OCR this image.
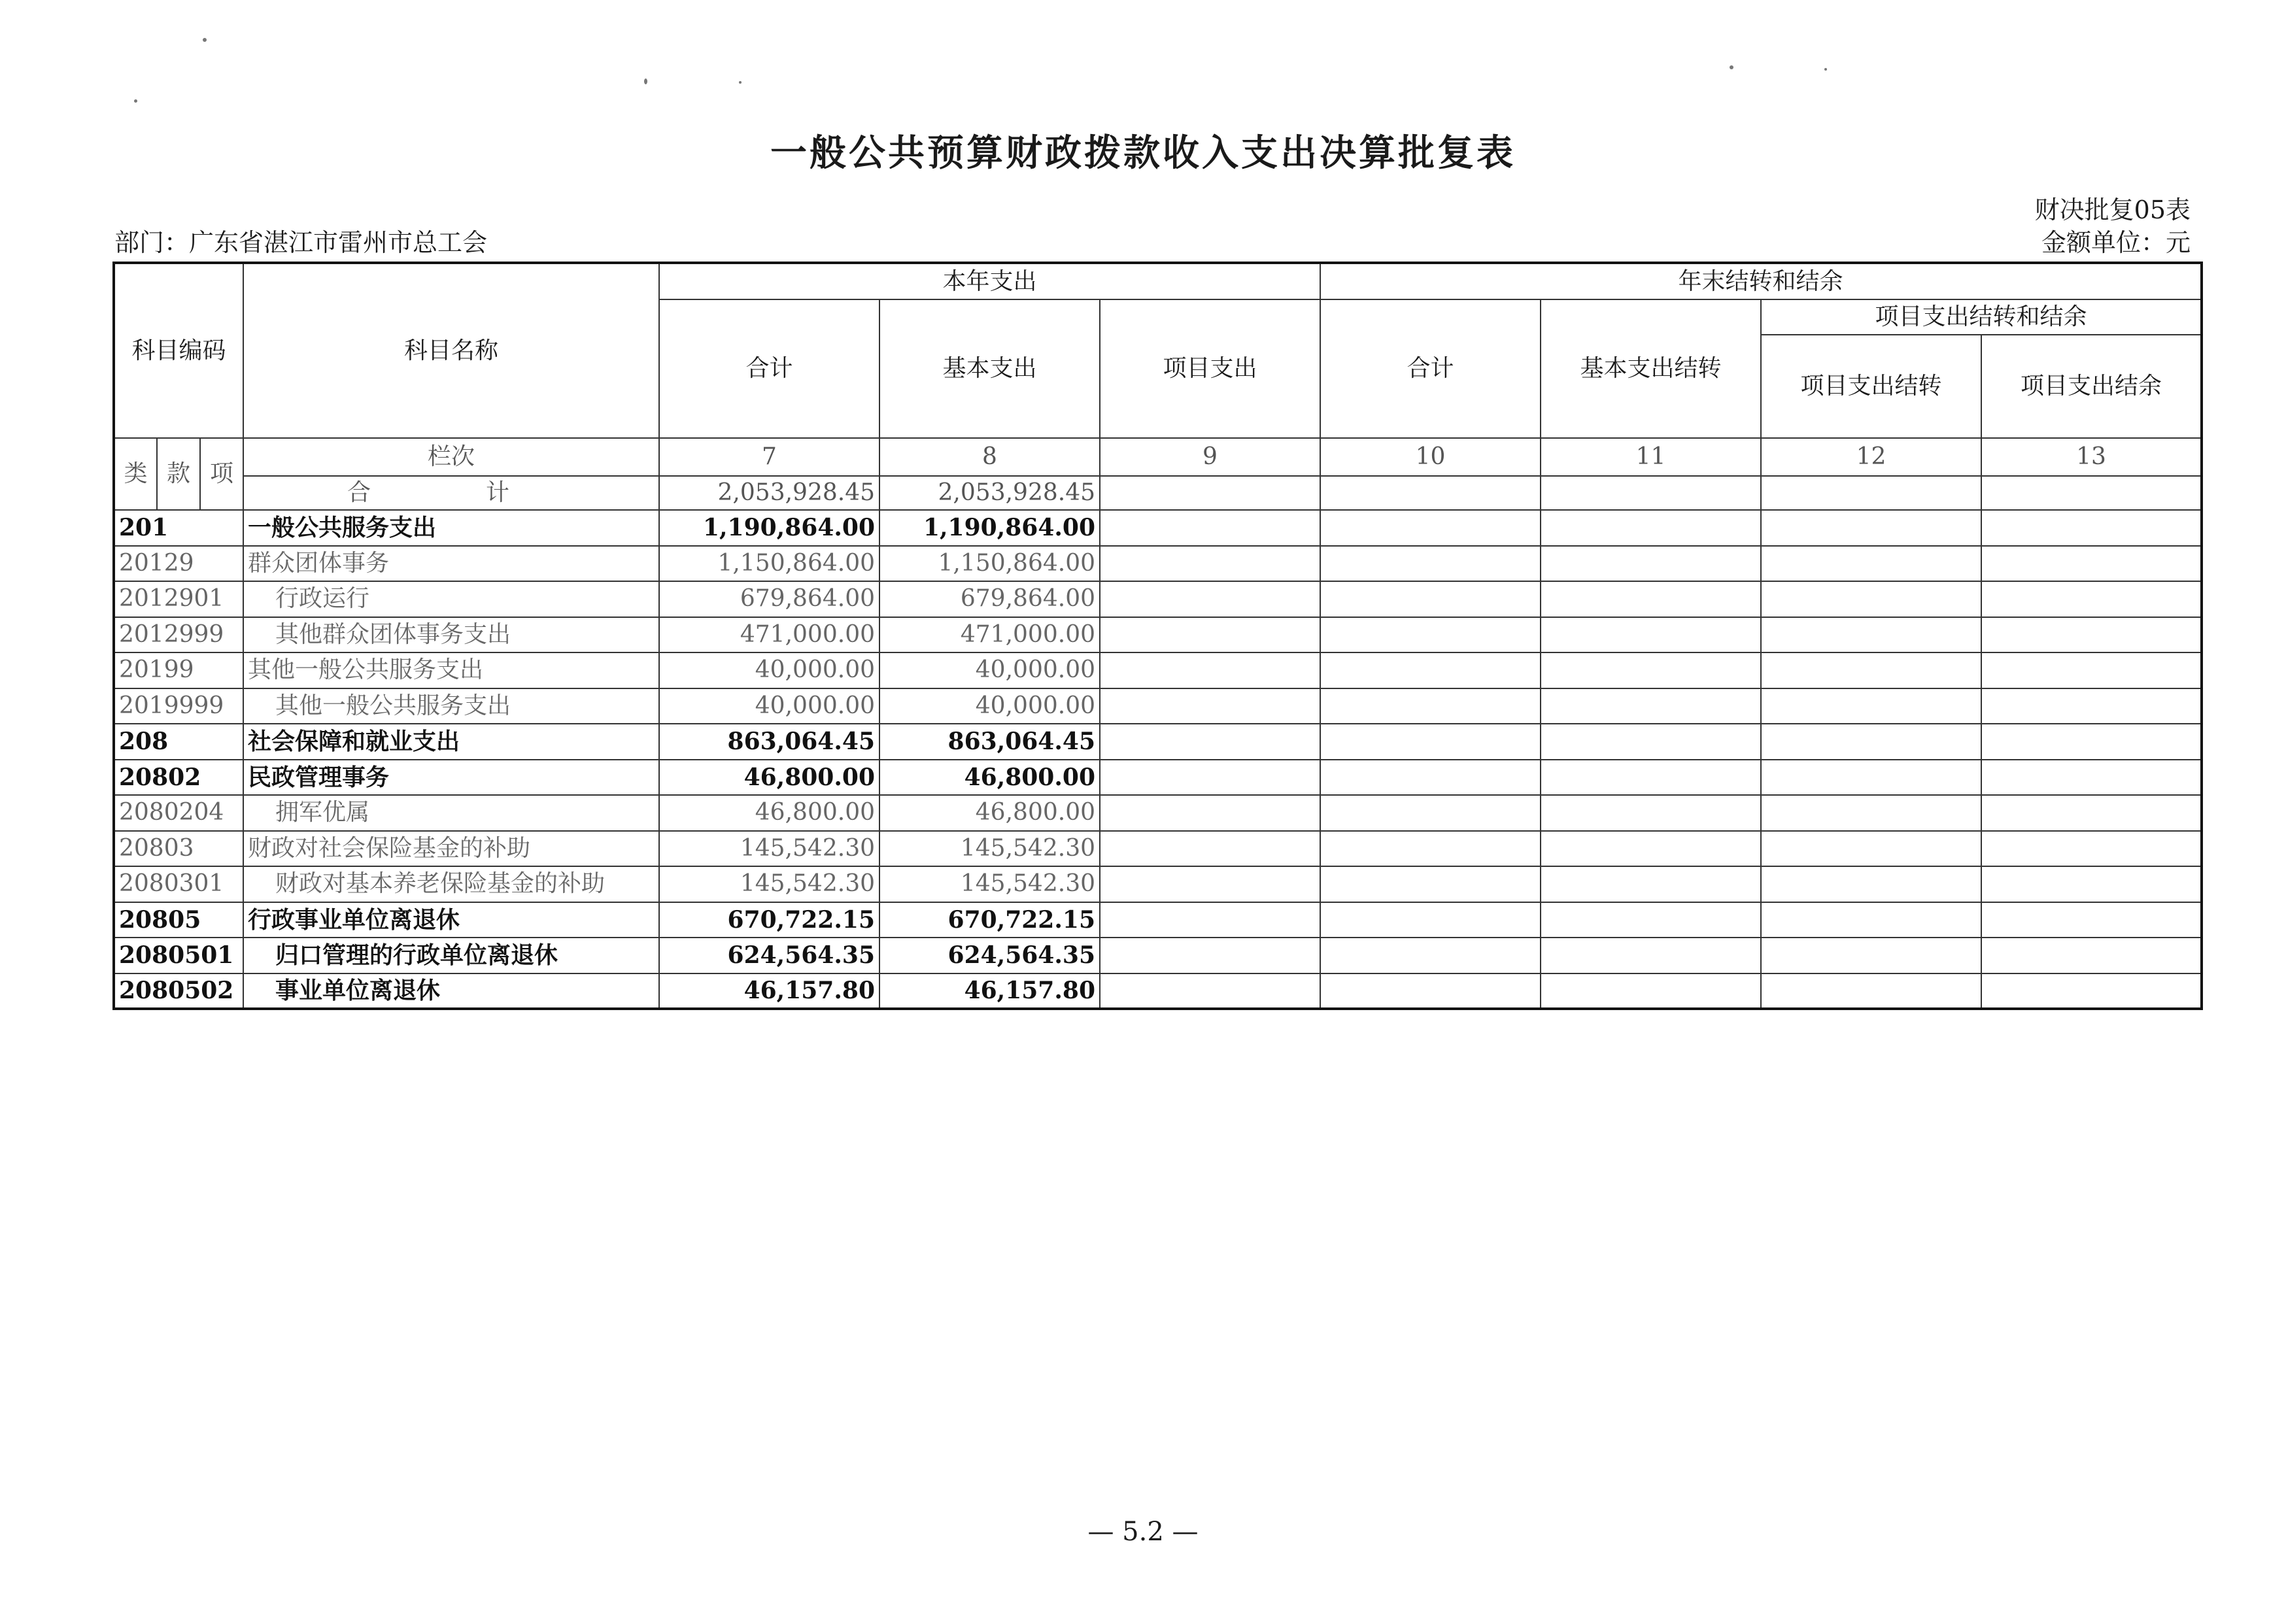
一般公共预算财政拨款收入支出决算批复表
财决批复05表
金额单位：元
部门：广东省湛江市雷州市总工会
科目编码			科目名称	本年支出			年末结转和结余			
				合计	基本支出	项目支出	合计	基本支出结转	项目支出结转和结余	
									项目支出结转	项目支出结余
类	款	项	栏次	7	8	9	10	11	12	13
			合　计	2,053,928.45	2,053,928.45					
201			一般公共服务支出	1,190,864.00	1,190,864.00					
20129			群众团体事务	1,150,864.00	1,150,864.00					
2012901			行政运行	679,864.00	679,864.00					
2012999			其他群众团体事务支出	471,000.00	471,000.00					
20199			其他一般公共服务支出	40,000.00	40,000.00					
2019999			其他一般公共服务支出	40,000.00	40,000.00					
208			社会保障和就业支出	863,064.45	863,064.45					
20802			民政管理事务	46,800.00	46,800.00					
2080204			拥军优属	46,800.00	46,800.00					
20803			财政对社会保险基金的补助	145,542.30	145,542.30					
2080301			财政对基本养老保险基金的补助	145,542.30	145,542.30					
20805			行政事业单位离退休	670,722.15	670,722.15					
2080501			归口管理的行政单位离退休	624,564.35	624,564.35					
2080502			事业单位离退休	46,157.80	46,157.80					
— 5.2 —
